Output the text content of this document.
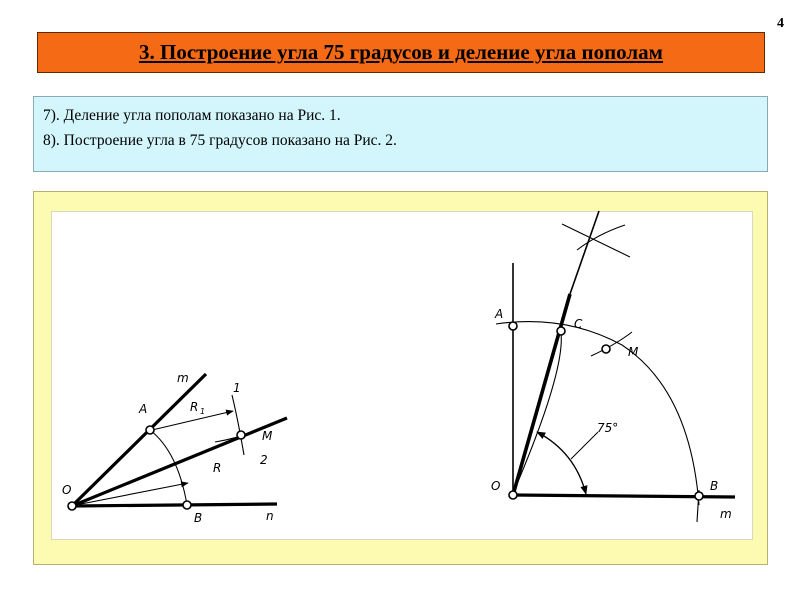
4
3. Построение угла 75 градусов и деление угла пополам
7). Деление угла пополам показано на Рис. 1.
8). Построение угла в 75 градусов показано на Рис. 2.
m
A	R 1
1
M
2
R
O
B	n
A
C
M
75°
O	B
m
